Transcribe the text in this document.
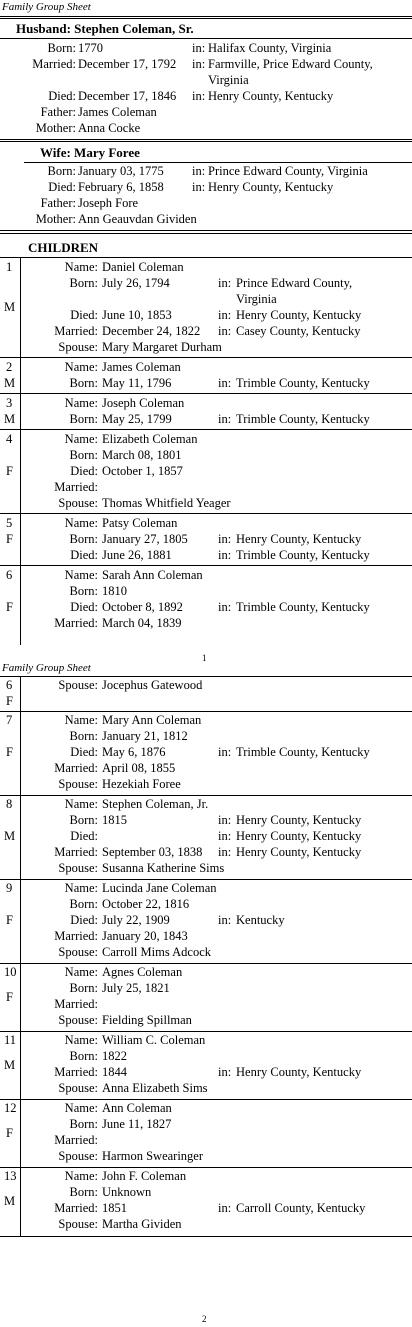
Family Group Sheet
Husband: Stephen Coleman, Sr.
Born: 1770	in: Halifax County, Virginia
Married: December 17, 1792 in: Farmville, Price Edward County,
Virginia
Died: December 17, 1846 in: Henry County, Kentucky
Father: James Coleman
Mother: Anna Cocke
Wife: Mary Foree
Born: January 03, 1775 in: Prince Edward County, Virginia
Died: February 6, 1858 in: Henry County, Kentucky
Father: Joseph Fore
Mother: Ann Geauvdan Gividen
CHILDREN
1
M
Name: Daniel Coleman
Born: July 26, 1794	in: Prince Edward County,
Virginia
Died: June 10, 1853	in: Henry County, Kentucky
Married: December 24, 1822 in: Casey County, Kentucky
Spouse: Mary Margaret Durham
2
M
Name: James Coleman
Born: May 11, 1796	in: Trimble County, Kentucky
3
M
Name: Joseph Coleman
Born: May 25, 1799	in: Trimble County, Kentucky
4
F
Name: Elizabeth Coleman
Born: March 08, 1801
Died: October 1, 1857
Married:
Spouse: Thomas Whitfield Yeager
5
F
Name: Patsy Coleman
Born: January 27, 1805 in: Henry County, Kentucky
Died: June 26, 1881	in: Trimble County, Kentucky
6
F
Name: Sarah Ann Coleman
Born: 1810
Died: October 8, 1892	in: Trimble County, Kentucky
Married: March 04, 1839
1
Family Group Sheet
6
F
Spouse: Jocephus Gatewood
7
F
Name: Mary Ann Coleman
Born: January 21, 1812
Died: May 6, 1876	in: Trimble County, Kentucky
Married: April 08, 1855
Spouse: Hezekiah Foree
8
M
Name: Stephen Coleman, Jr.
Born: 1815	in: Henry County, Kentucky
Died:	in: Henry County, Kentucky
Married: September 03, 1838 in: Henry County, Kentucky
Spouse: Susanna Katherine Sims
9
F
Name: Lucinda Jane Coleman
Born: October 22, 1816
Died: July 22, 1909	in: Kentucky
Married: January 20, 1843
Spouse: Carroll Mims Adcock
10
F
Name: Agnes Coleman
Born: July 25, 1821
Married:
Spouse: Fielding Spillman
11
M
Name: William C. Coleman
Born: 1822
Married: 1844	in: Henry County, Kentucky
Spouse: Anna Elizabeth Sims
12
F
Name: Ann Coleman
Born: June 11, 1827
Married:
Spouse: Harmon Swearinger
13
M
Name: John F. Coleman
Born: Unknown
Married: 1851	in: Carroll County, Kentucky
Spouse: Martha Gividen
2
